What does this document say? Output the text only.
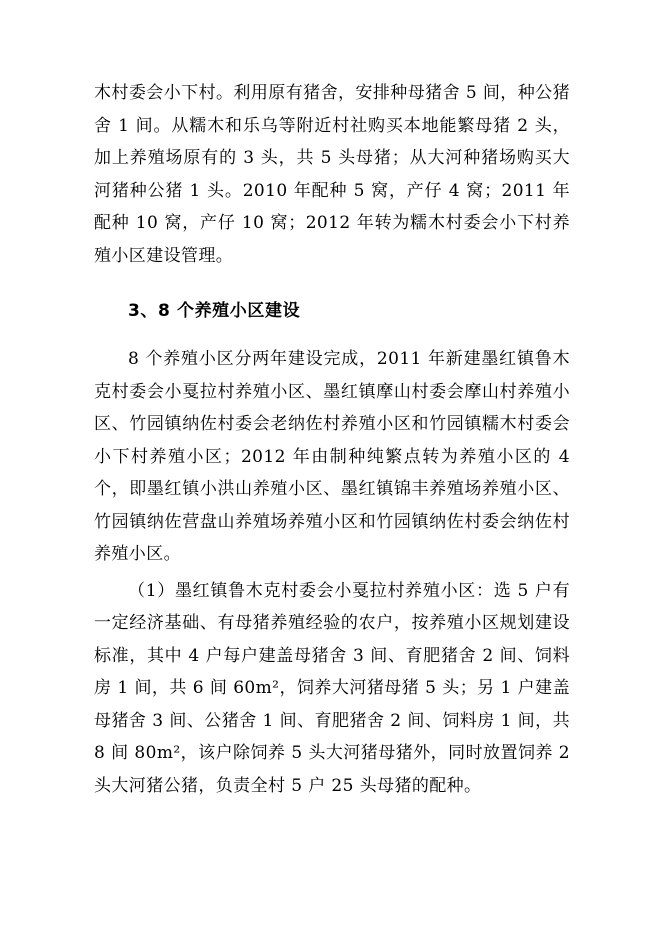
木村委会小下村。利用原有猪舍，安排种母猪舍 5 间，种公猪舍 1 间。从糯木和乐乌等附近村社购买本地能繁母猪 2 头，加上养殖场原有的 3 头，共 5 头母猪；从大河种猪场购买大河猪种公猪 1 头。2010 年配种 5 窝，产仔 4 窝；2011 年配种 10 窝，产仔 10 窝；2012 年转为糯木村委会小下村养殖小区建设管理。

3、8 个养殖小区建设

8 个养殖小区分两年建设完成，2011 年新建墨红镇鲁木克村委会小戛拉村养殖小区、墨红镇摩山村委会摩山村养殖小区、竹园镇纳佐村委会老纳佐村养殖小区和竹园镇糯木村委会小下村养殖小区；2012 年由制种纯繁点转为养殖小区的 4 个，即墨红镇小洪山养殖小区、墨红镇锦丰养殖场养殖小区、竹园镇纳佐营盘山养殖场养殖小区和竹园镇纳佐村委会纳佐村养殖小区。

（1）墨红镇鲁木克村委会小戛拉村养殖小区：选 5 户有一定经济基础、有母猪养殖经验的农户，按养殖小区规划建设标准，其中 4 户每户建盖母猪舍 3 间、育肥猪舍 2 间、饲料房 1 间，共 6 间 60m²，饲养大河猪母猪 5 头；另 1 户建盖母猪舍 3 间、公猪舍 1 间、育肥猪舍 2 间、饲料房 1 间，共 8 间 80m²，该户除饲养 5 头大河猪母猪外，同时放置饲养 2 头大河猪公猪，负责全村 5 户 25 头母猪的配种。
